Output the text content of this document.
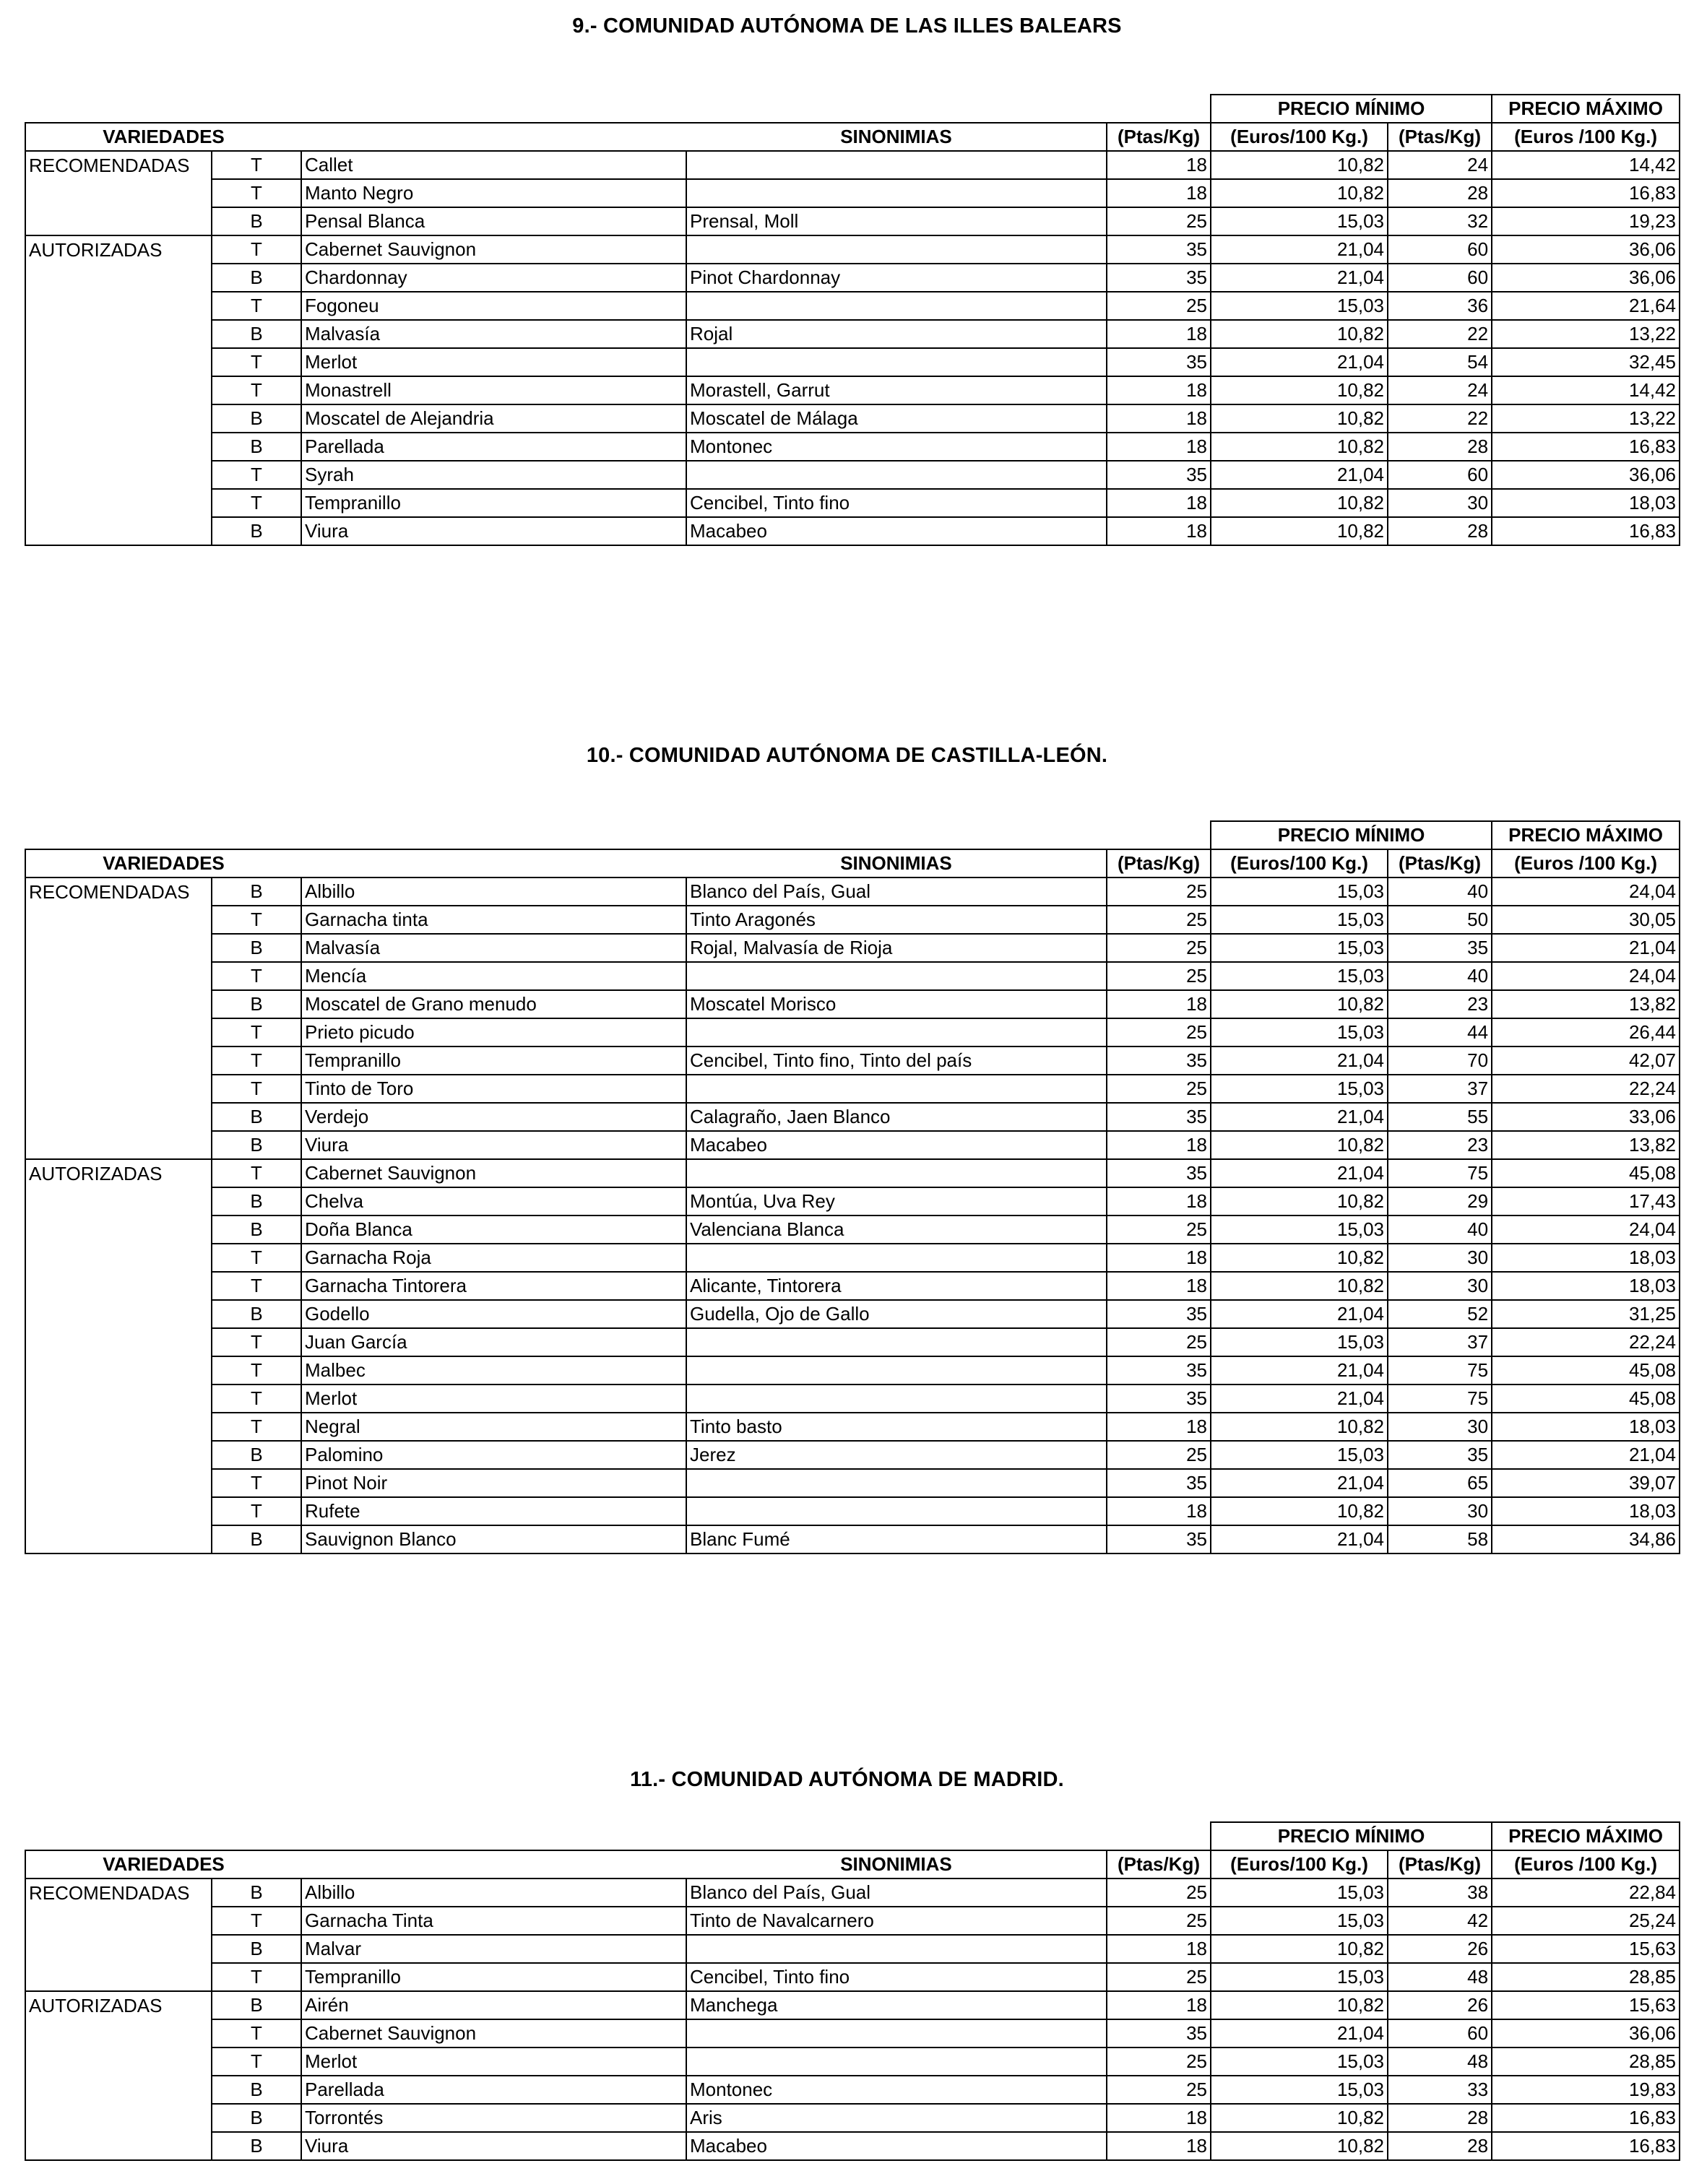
9.- COMUNIDAD AUTÓNOMA DE LAS ILLES BALEARS
					PRECIO MÍNIMO		PRECIO MÁXIMO
VARIEDADES			SINONIMIAS	(Ptas/Kg)	(Euros/100 Kg.)	(Ptas/Kg)	(Euros /100 Kg.)
RECOMENDADAS	T	Callet		18	10,82	24	14,42
	T	Manto Negro		18	10,82	28	16,83
	B	Pensal Blanca	Prensal, Moll	25	15,03	32	19,23
AUTORIZADAS	T	Cabernet Sauvignon		35	21,04	60	36,06
	B	Chardonnay	Pinot Chardonnay	35	21,04	60	36,06
	T	Fogoneu		25	15,03	36	21,64
	B	Malvasía	Rojal	18	10,82	22	13,22
	T	Merlot		35	21,04	54	32,45
	T	Monastrell	Morastell, Garrut	18	10,82	24	14,42
	B	Moscatel de Alejandria	Moscatel de Málaga	18	10,82	22	13,22
	B	Parellada	Montonec	18	10,82	28	16,83
	T	Syrah		35	21,04	60	36,06
	T	Tempranillo	Cencibel, Tinto fino	18	10,82	30	18,03
	B	Viura	Macabeo	18	10,82	28	16,83
10.- COMUNIDAD AUTÓNOMA DE CASTILLA-LEÓN.
					PRECIO MÍNIMO		PRECIO MÁXIMO
VARIEDADES			SINONIMIAS	(Ptas/Kg)	(Euros/100 Kg.)	(Ptas/Kg)	(Euros /100 Kg.)
RECOMENDADAS	B	Albillo	Blanco del País, Gual	25	15,03	40	24,04
	T	Garnacha tinta	Tinto Aragonés	25	15,03	50	30,05
	B	Malvasía	Rojal, Malvasía de Rioja	25	15,03	35	21,04
	T	Mencía		25	15,03	40	24,04
	B	Moscatel de Grano menudo	Moscatel Morisco	18	10,82	23	13,82
	T	Prieto picudo		25	15,03	44	26,44
	T	Tempranillo	Cencibel, Tinto fino, Tinto del país	35	21,04	70	42,07
	T	Tinto de Toro		25	15,03	37	22,24
	B	Verdejo	Calagraño, Jaen Blanco	35	21,04	55	33,06
	B	Viura	Macabeo	18	10,82	23	13,82
AUTORIZADAS	T	Cabernet Sauvignon		35	21,04	75	45,08
	B	Chelva	Montúa, Uva Rey	18	10,82	29	17,43
	B	Doña Blanca	Valenciana Blanca	25	15,03	40	24,04
	T	Garnacha Roja		18	10,82	30	18,03
	T	Garnacha Tintorera	Alicante, Tintorera	18	10,82	30	18,03
	B	Godello	Gudella, Ojo de Gallo	35	21,04	52	31,25
	T	Juan García		25	15,03	37	22,24
	T	Malbec		35	21,04	75	45,08
	T	Merlot		35	21,04	75	45,08
	T	Negral	Tinto basto	18	10,82	30	18,03
	B	Palomino	Jerez	25	15,03	35	21,04
	T	Pinot Noir		35	21,04	65	39,07
	T	Rufete		18	10,82	30	18,03
	B	Sauvignon Blanco	Blanc Fumé	35	21,04	58	34,86
11.- COMUNIDAD AUTÓNOMA DE MADRID.
					PRECIO MÍNIMO		PRECIO MÁXIMO
VARIEDADES			SINONIMIAS	(Ptas/Kg)	(Euros/100 Kg.)	(Ptas/Kg)	(Euros /100 Kg.)
RECOMENDADAS	B	Albillo	Blanco del País, Gual	25	15,03	38	22,84
	T	Garnacha Tinta	Tinto de Navalcarnero	25	15,03	42	25,24
	B	Malvar		18	10,82	26	15,63
	T	Tempranillo	Cencibel, Tinto fino	25	15,03	48	28,85
AUTORIZADAS	B	Airén	Manchega	18	10,82	26	15,63
	T	Cabernet Sauvignon		35	21,04	60	36,06
	T	Merlot		25	15,03	48	28,85
	B	Parellada	Montonec	25	15,03	33	19,83
	B	Torrontés	Aris	18	10,82	28	16,83
	B	Viura	Macabeo	18	10,82	28	16,83
